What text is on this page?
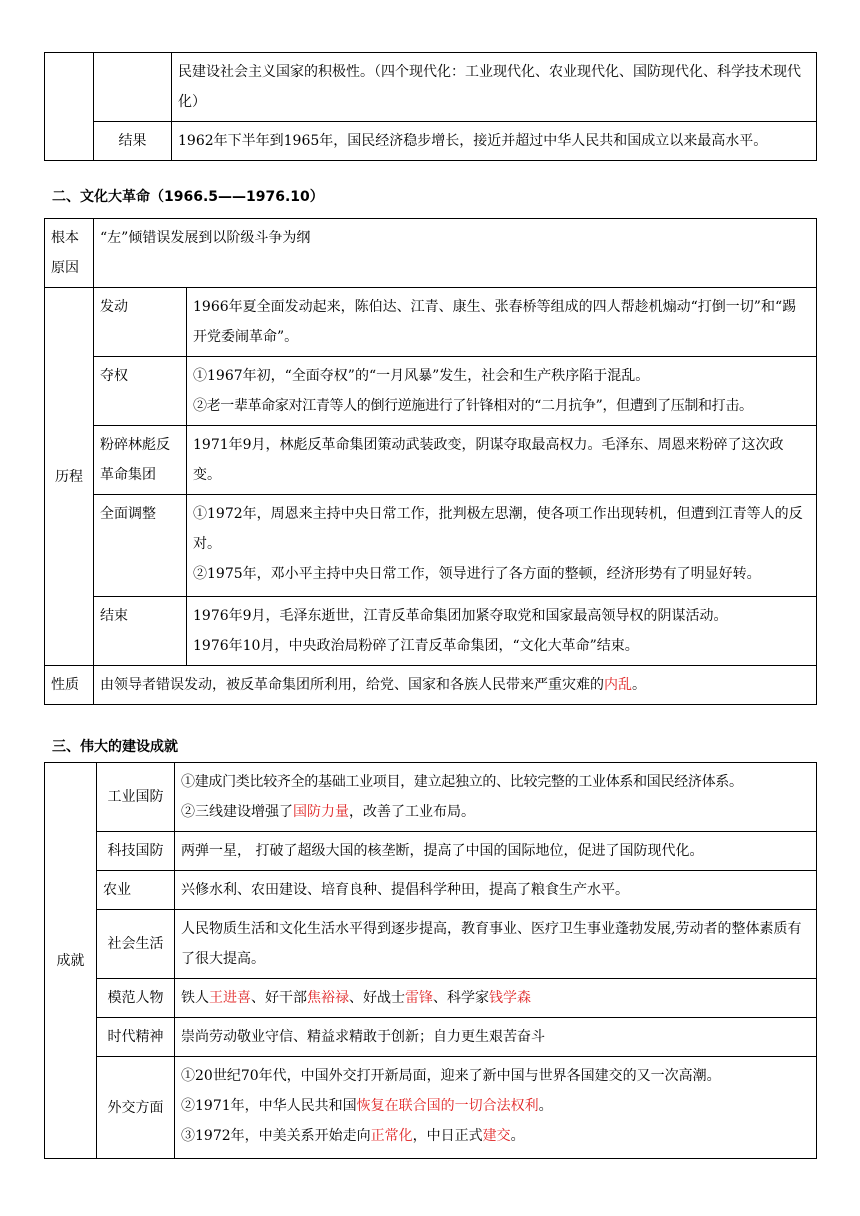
		民建设社会主义国家的积极性。（四个现代化：工业现代化、农业现代化、国防现代化、科学技术现代化）
	结果	1962年下半年到1965年，国民经济稳步增长，接近并超过中华人民共和国成立以来最高水平。
二、文化大革命（1966.5——1976.10）
根本原因	“左”倾错误发展到以阶级斗争为纲	
历程	发动	1966年夏全面发动起来，陈伯达、江青、康生、张春桥等组成的四人帮趁机煽动“打倒一切”和“踢开党委闹革命”。

	夺权	①1967年初，“全面夺权”的“一月风暴”发生，社会和生产秩序陷于混乱。
②老一辈革命家对江青等人的倒行逆施进行了针锋相对的“二月抗争”，但遭到了压制和打击。

	粉碎林彪反革命集团	1971年9月，林彪反革命集团策动武装政变，阴谋夺取最高权力。毛泽东、周恩来粉碎了这次政变。

	全面调整	①1972年，周恩来主持中央日常工作，批判极左思潮，使各项工作出现转机，但遭到江青等人的反对。
②1975年，邓小平主持中央日常工作，领导进行了各方面的整顿，经济形势有了明显好转。

	结束	1976年9月，毛泽东逝世，江青反革命集团加紧夺取党和国家最高领导权的阴谋活动。
1976年10月，中央政治局粉碎了江青反革命集团，“文化大革命”结束。

性质	由领导者错误发动，被反革命集团所利用，给党、国家和各族人民带来严重灾难的内乱。	
三、伟大的建设成就
成就	工业国防	①建成门类比较齐全的基础工业项目，建立起独立的、比较完整的工业体系和国民经济体系。
②三线建设增强了国防力量，改善了工业布局。

	科技国防	两弹一星， 打破了超级大国的核垄断，提高了中国的国际地位，促进了国防现代化。
	农业	兴修水利、农田建设、培育良种、提倡科学种田，提高了粮食生产水平。
	社会生活	人民物质生活和文化生活水平得到逐步提高，教育事业、医疗卫生事业蓬勃发展,劳动者的整体素质有了很大提高。
	模范人物	铁人王进喜、好干部焦裕禄、好战士雷锋、科学家钱学森
	时代精神	崇尚劳动敬业守信、精益求精敢于创新；自力更生艰苦奋斗
	外交方面	①20世纪70年代，中国外交打开新局面，迎来了新中国与世界各国建交的又一次高潮。
②1971年，中华人民共和国恢复在联合国的一切合法权利。
③1972年，中美关系开始走向正常化，中日正式建交。
